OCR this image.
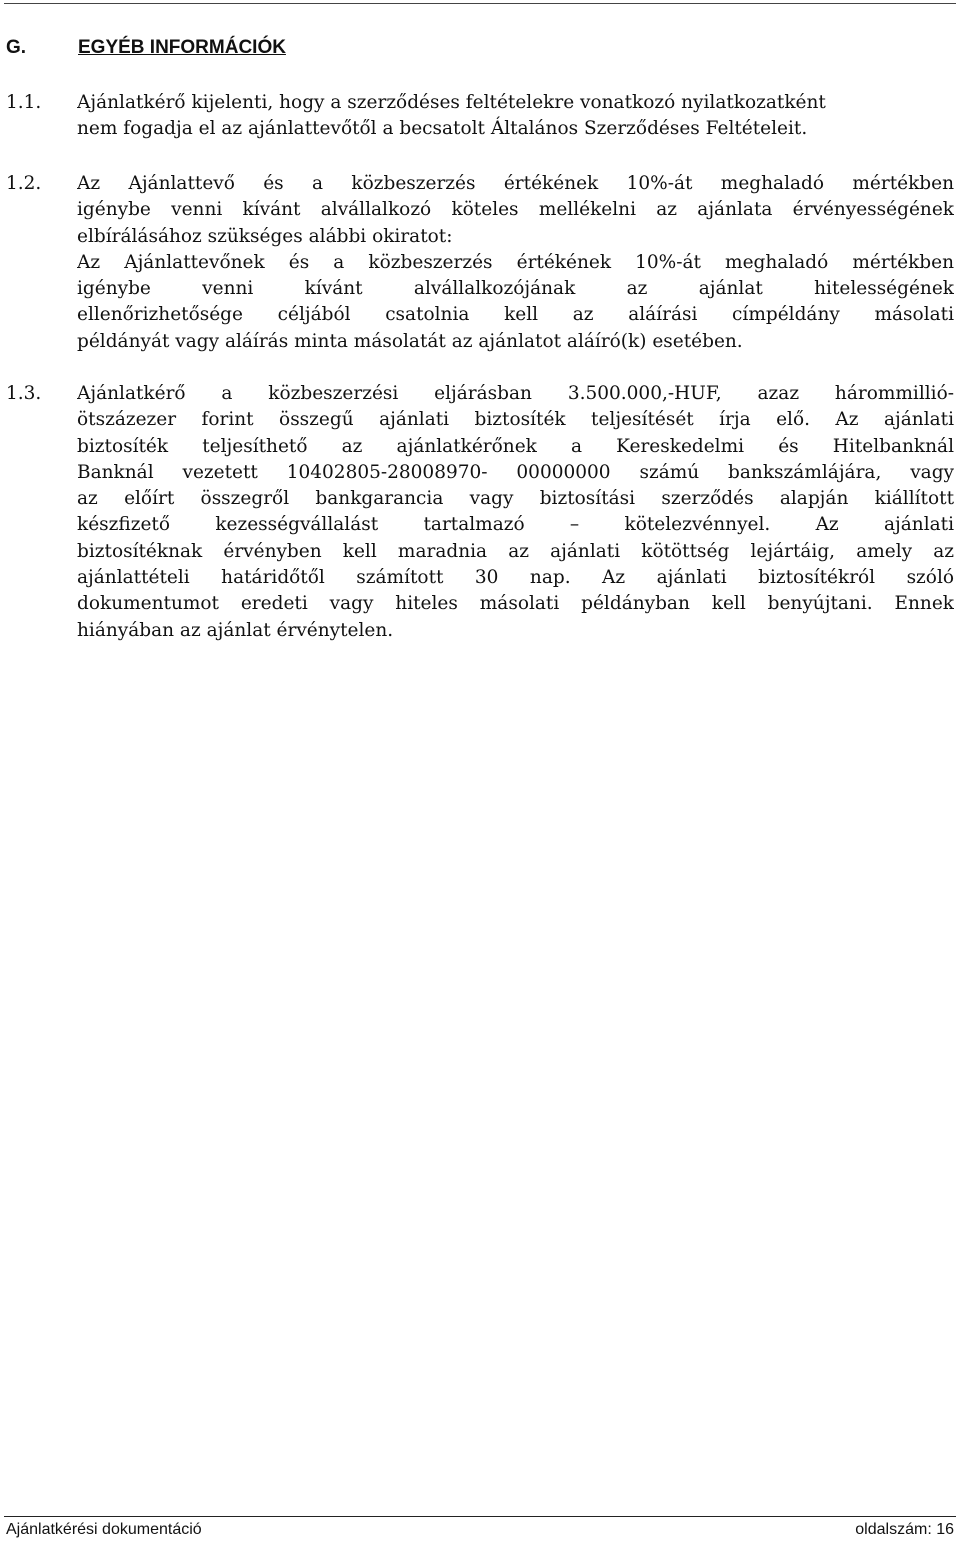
G.	EGYÉB INFORMÁCIÓK
1.1. Ajánlatkérő kijelenti, hogy a szerződéses feltételekre vonatkozó nyilatkozatként
nem fogadja el az ajánlattevőtől a becsatolt Általános Szerződéses Feltételeit.
1.2. Az Ajánlattevő és a közbeszerzés értékének 10%-át meghaladó mértékben
igénybe venni kívánt alvállalkozó köteles mellékelni az ajánlata érvényességének
elbírálásához szükséges alábbi okiratot:
Az Ajánlattevőnek és a közbeszerzés értékének 10%-át meghaladó mértékben
igénybe venni kívánt alvállalkozójának az ajánlat hitelességének
ellenőrizhetősége céljából csatolnia kell az aláírási címpéldány másolati
példányát vagy aláírás minta másolatát az ajánlatot aláíró(k) esetében.
1.3. Ajánlatkérő a közbeszerzési eljárásban 3.500.000,-HUF, azaz hárommillió-
ötszázezer forint összegű ajánlati biztosíték teljesítését írja elő. Az ajánlati
biztosíték teljesíthető az ajánlatkérőnek a Kereskedelmi és Hitelbanknál
Banknál vezetett 10402805-28008970- 00000000 számú bankszámlájára, vagy
az előírt összegről bankgarancia vagy biztosítási szerződés alapján kiállított
készfizető kezességvállalást tartalmazó – kötelezvénnyel. Az ajánlati
biztosítéknak érvényben kell maradnia az ajánlati kötöttség lejártáig, amely az
ajánlattételi határidőtől számított 30 nap. Az ajánlati biztosítékról szóló
dokumentumot eredeti vagy hiteles másolati példányban kell benyújtani. Ennek
hiányában az ajánlat érvénytelen.
Ajánlatkérési dokumentáció	oldalszám: 16
